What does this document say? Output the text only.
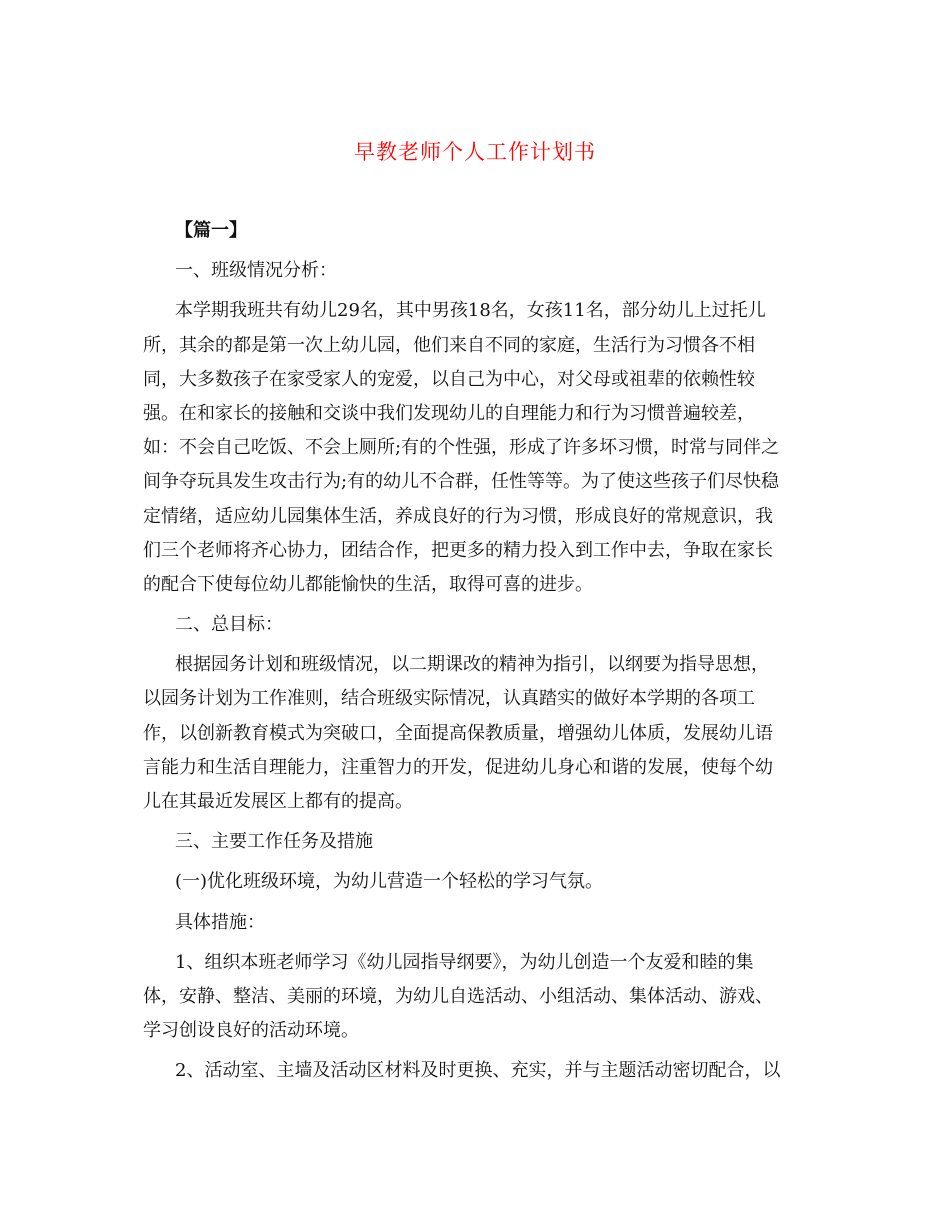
早教老师个人工作计划书
【篇一】
一、班级情况分析：
本学期我班共有幼儿29名，其中男孩18名，女孩11名，部分幼儿上过托儿
所，其余的都是第一次上幼儿园，他们来自不同的家庭，生活行为习惯各不相
同，大多数孩子在家受家人的宠爱，以自己为中心，对父母或祖辈的依赖性较
强。在和家长的接触和交谈中我们发现幼儿的自理能力和行为习惯普遍较差，
如：不会自己吃饭、不会上厕所;有的个性强，形成了许多坏习惯，时常与同伴之
间争夺玩具发生攻击行为;有的幼儿不合群，任性等等。为了使这些孩子们尽快稳
定情绪，适应幼儿园集体生活，养成良好的行为习惯，形成良好的常规意识，我
们三个老师将齐心协力，团结合作，把更多的精力投入到工作中去，争取在家长
的配合下使每位幼儿都能愉快的生活，取得可喜的进步。
二、总目标：
根据园务计划和班级情况，以二期课改的精神为指引，以纲要为指导思想，
以园务计划为工作准则，结合班级实际情况，认真踏实的做好本学期的各项工
作，以创新教育模式为突破口，全面提高保教质量，增强幼儿体质，发展幼儿语
言能力和生活自理能力，注重智力的开发，促进幼儿身心和谐的发展，使每个幼
儿在其最近发展区上都有的提高。
三、主要工作任务及措施
(一)优化班级环境，为幼儿营造一个轻松的学习气氛。
具体措施：
1、组织本班老师学习《幼儿园指导纲要》，为幼儿创造一个友爱和睦的集
体，安静、整洁、美丽的环境，为幼儿自选活动、小组活动、集体活动、游戏、
学习创设良好的活动环境。
2、活动室、主墙及活动区材料及时更换、充实，并与主题活动密切配合，以
